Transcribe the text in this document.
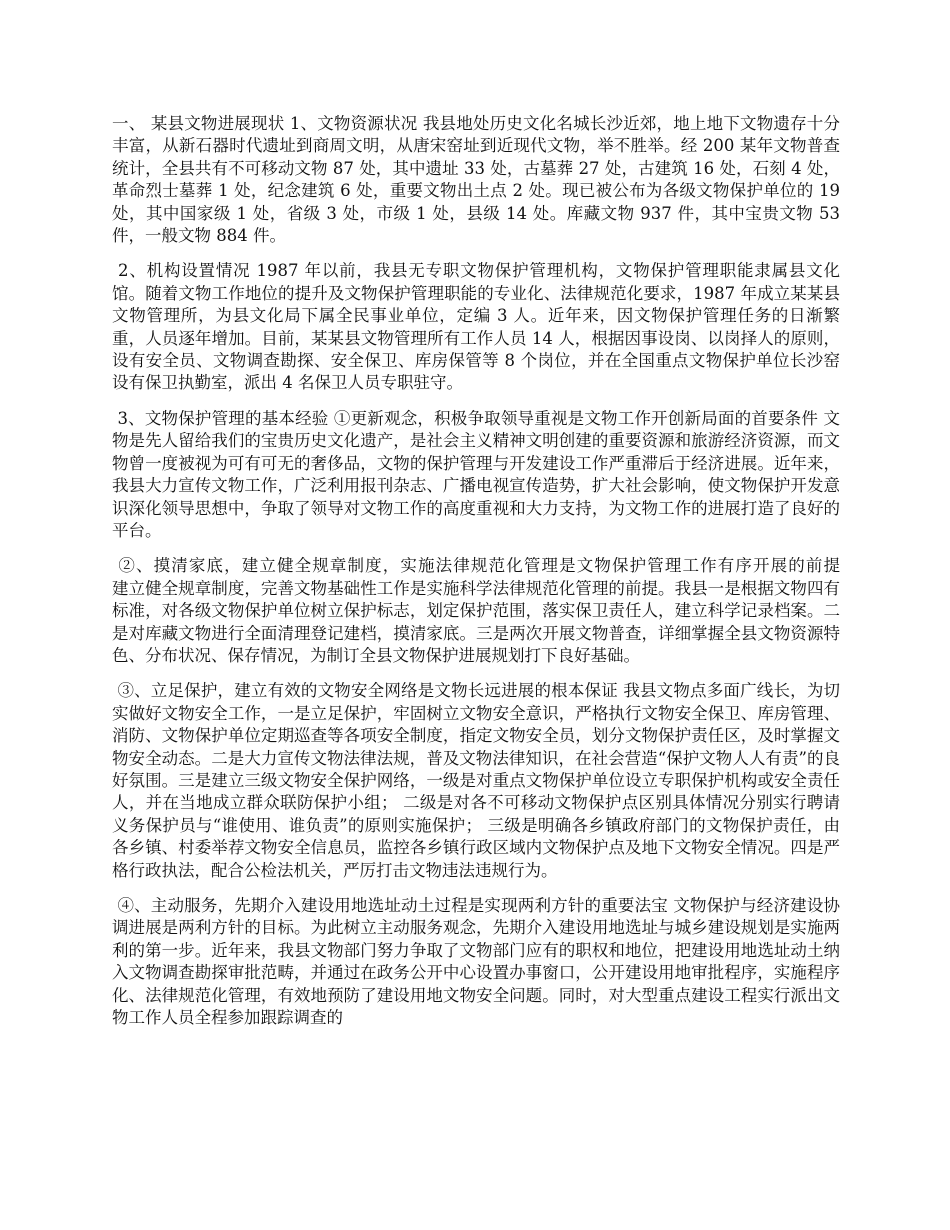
一、 某县文物进展现状 1、文物资源状况 我县地处历史文化名城长沙近郊，地上地下文物遗存十分丰富，从新石器时代遗址到商周文明，从唐宋窑址到近现代文物，举不胜举。经 200 某年文物普查统计，全县共有不可移动文物 87 处，其中遗址 33 处，古墓葬 27 处，古建筑 16 处，石刻 4 处，革命烈士墓葬 1 处，纪念建筑 6 处，重要文物出土点 2 处。现已被公布为各级文物保护单位的 19 处，其中国家级 1 处，省级 3 处，市级 1 处，县级 14 处。库藏文物 937 件，其中宝贵文物 53 件，一般文物 884 件。

2、机构设置情况 1987 年以前，我县无专职文物保护管理机构，文物保护管理职能隶属县文化馆。随着文物工作地位的提升及文物保护管理职能的专业化、法律规范化要求，1987 年成立某某县文物管理所，为县文化局下属全民事业单位，定编 3 人。近年来，因文物保护管理任务的日渐繁重，人员逐年增加。目前，某某县文物管理所有工作人员 14 人，根据因事设岗、以岗择人的原则，设有安全员、文物调查勘探、安全保卫、库房保管等 8 个岗位，并在全国重点文物保护单位长沙窑设有保卫执勤室，派出 4 名保卫人员专职驻守。

3、文物保护管理的基本经验 ①更新观念，积极争取领导重视是文物工作开创新局面的首要条件 文物是先人留给我们的宝贵历史文化遗产，是社会主义精神文明创建的重要资源和旅游经济资源，而文物曾一度被视为可有可无的奢侈品，文物的保护管理与开发建设工作严重滞后于经济进展。近年来，我县大力宣传文物工作，广泛利用报刊杂志、广播电视宣传造势，扩大社会影响，使文物保护开发意识深化领导思想中，争取了领导对文物工作的高度重视和大力支持，为文物工作的进展打造了良好的平台。

②、摸清家底，建立健全规章制度，实施法律规范化管理是文物保护管理工作有序开展的前提　　建立健全规章制度，完善文物基础性工作是实施科学法律规范化管理的前提。我县一是根据文物四有标准，对各级文物保护单位树立保护标志，划定保护范围，落实保卫责任人，建立科学记录档案。二是对库藏文物进行全面清理登记建档，摸清家底。三是两次开展文物普查，详细掌握全县文物资源特色、分布状况、保存情况，为制订全县文物保护进展规划打下良好基础。

③、立足保护，建立有效的文物安全网络是文物长远进展的根本保证 我县文物点多面广线长，为切实做好文物安全工作，一是立足保护，牢固树立文物安全意识，严格执行文物安全保卫、库房管理、消防、文物保护单位定期巡查等各项安全制度，指定文物安全员，划分文物保护责任区，及时掌握文物安全动态。二是大力宣传文物法律法规，普及文物法律知识，在社会营造“保护文物人人有责”的良好氛围。三是建立三级文物安全保护网络，一级是对重点文物保护单位设立专职保护机构或安全责任人，并在当地成立群众联防保护小组； 二级是对各不可移动文物保护点区别具体情况分别实行聘请义务保护员与“谁使用、谁负责”的原则实施保护； 三级是明确各乡镇政府部门的文物保护责任，由各乡镇、村委举荐文物安全信息员，监控各乡镇行政区域内文物保护点及地下文物安全情况。四是严格行政执法，配合公检法机关，严厉打击文物违法违规行为。

④、主动服务，先期介入建设用地选址动土过程是实现两利方针的重要法宝 文物保护与经济建设协调进展是两利方针的目标。为此树立主动服务观念，先期介入建设用地选址与城乡建设规划是实施两利的第一步。近年来，我县文物部门努力争取了文物部门应有的职权和地位，把建设用地选址动土纳入文物调查勘探审批范畴，并通过在政务公开中心设置办事窗口，公开建设用地审批程序，实施程序化、法律规范化管理，有效地预防了建设用地文物安全问题。同时，对大型重点建设工程实行派出文物工作人员全程参加跟踪调查的
